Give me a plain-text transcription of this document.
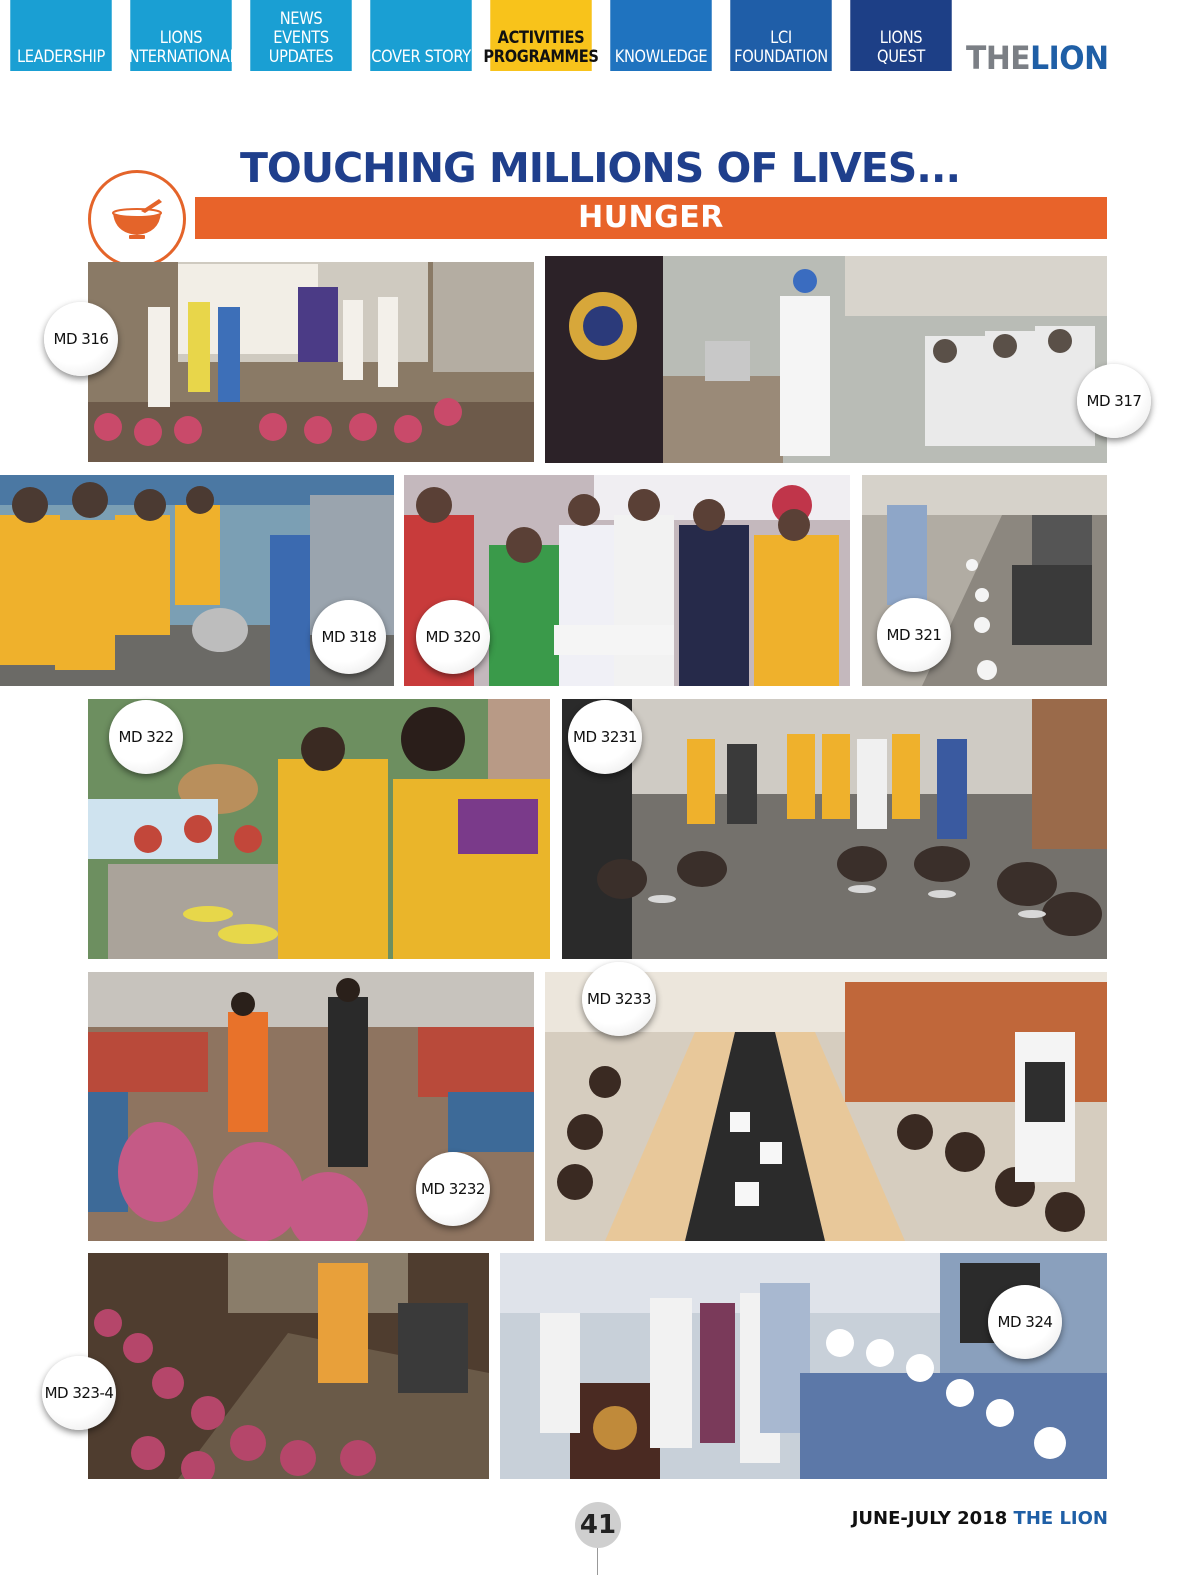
LEADERSHIP
LIONS
INTERNATIONAL
NEWS
EVENTS
UPDATES COVER STORY
ACTIVITIES
PROGRAMMES KNOWLEDGE
LCI
FOUNDATION
LIONS
QUEST THELION
TOUCHING MILLIONS OF LIVES...
HUNGER
MD 316
MD 317
MD 318	MD 320	MD 321
MD 322	MD 3231
MD 3232
MD 3233
MD 323-4
MD 324
41	JUNE-JULY 2018 THE LION
